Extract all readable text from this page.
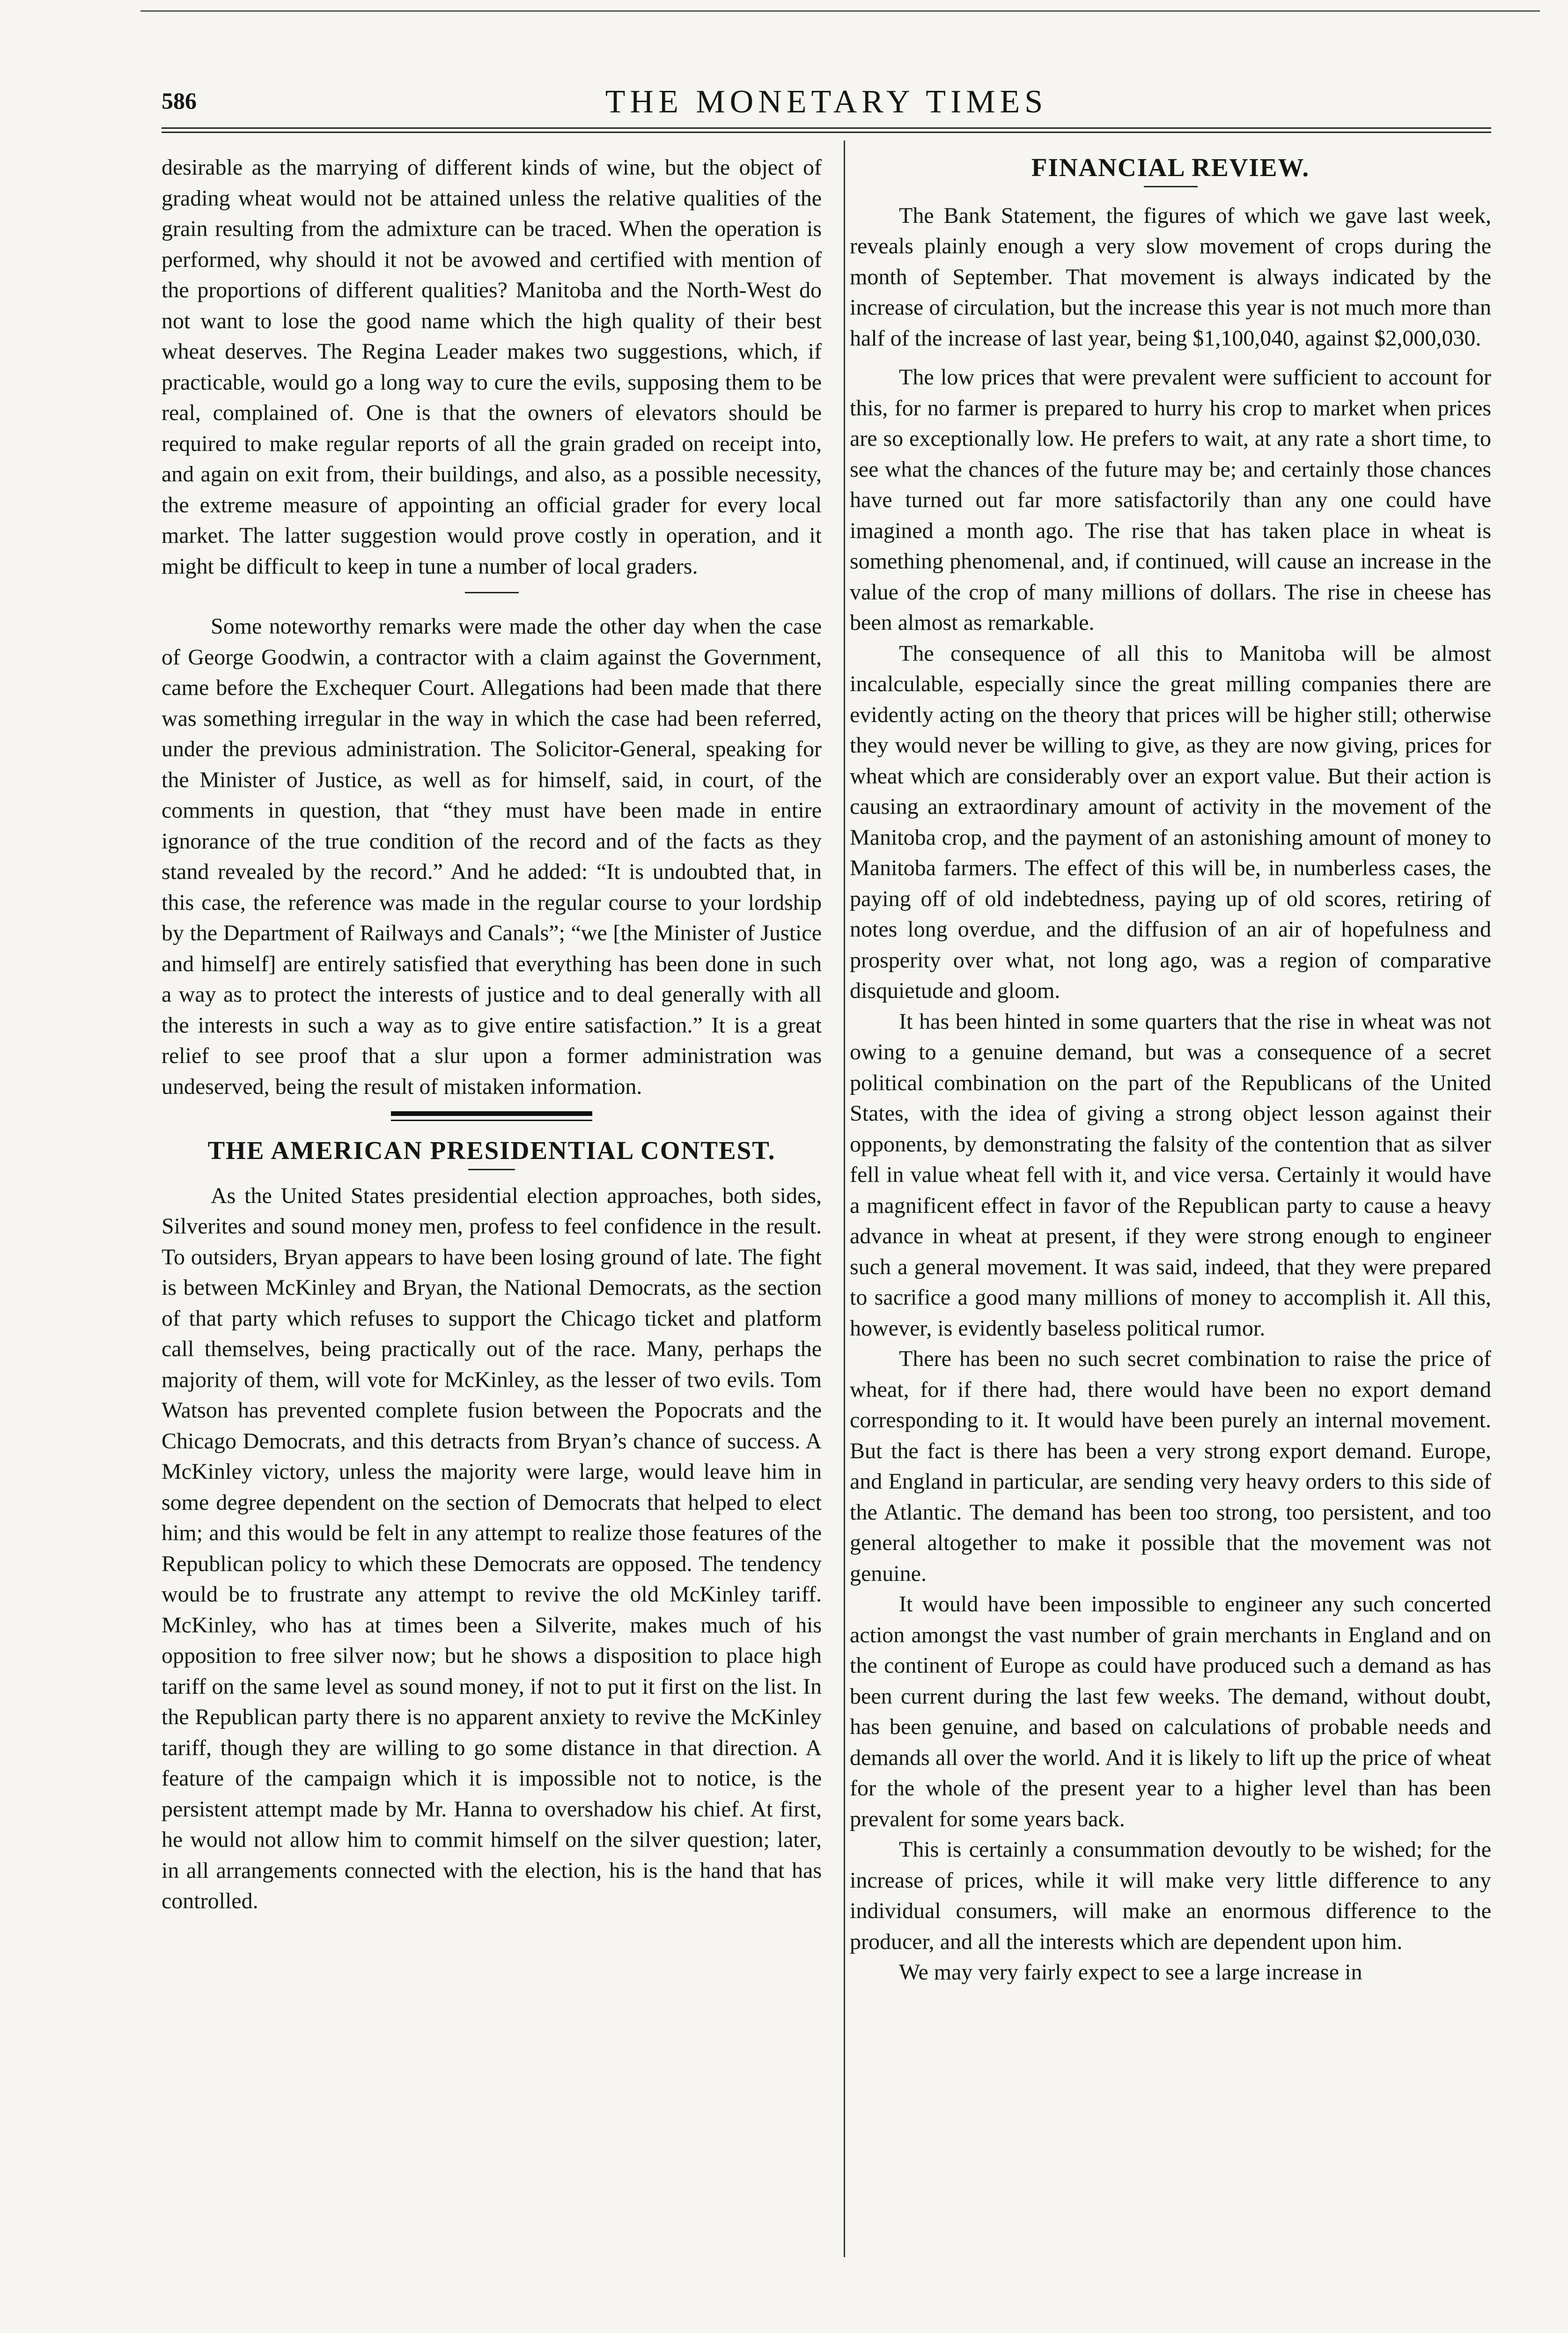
586	THE MONETARY TIMES

desirable as the marrying of different kinds of wine, but the object of grading wheat would not be attained unless the relative qualities of the grain resulting from the admixture can be traced. When the operation is performed, why should it not be avowed and certified with mention of the proportions of different qualities? Manitoba and the North-West do not want to lose the good name which the high quality of their best wheat deserves. The Regina Leader makes two suggestions, which, if practicable, would go a long way to cure the evils, supposing them to be real, complained of. One is that the owners of elevators should be required to make regular reports of all the grain graded on receipt into, and again on exit from, their buildings, and also, as a possible necessity, the extreme measure of appointing an official grader for every local market. The latter suggestion would prove costly in operation, and it might be difficult to keep in tune a number of local graders.

Some noteworthy remarks were made the other day when the case of George Goodwin, a contractor with a claim against the Government, came before the Exchequer Court. Allegations had been made that there was something irregular in the way in which the case had been referred, under the previous administration. The Solicitor-General, speaking for the Minister of Justice, as well as for himself, said, in court, of the comments in question, that “they must have been made in entire ignorance of the true condition of the record and of the facts as they stand revealed by the record.” And he added: “It is undoubted that, in this case, the reference was made in the regular course to your lordship by the Department of Railways and Canals”; “we [the Minister of Justice and himself] are entirely satisfied that everything has been done in such a way as to protect the interests of justice and to deal generally with all the interests in such a way as to give entire satisfaction.” It is a great relief to see proof that a slur upon a former administration was undeserved, being the result of mistaken information.

THE AMERICAN PRESIDENTIAL CONTEST.

As the United States presidential election approaches, both sides, Silverites and sound money men, profess to feel confidence in the result. To outsiders, Bryan appears to have been losing ground of late. The fight is between McKinley and Bryan, the National Democrats, as the section of that party which refuses to support the Chicago ticket and platform call themselves, being practically out of the race. Many, perhaps the majority of them, will vote for McKinley, as the lesser of two evils. Tom Watson has prevented complete fusion between the Popocrats and the Chicago Democrats, and this detracts from Bryan’s chance of success. A McKinley victory, unless the majority were large, would leave him in some degree dependent on the section of Democrats that helped to elect him; and this would be felt in any attempt to realize those features of the Republican policy to which these Democrats are opposed. The tendency would be to frustrate any attempt to revive the old McKinley tariff. McKinley, who has at times been a Silverite, makes much of his opposition to free silver now; but he shows a disposition to place high tariff on the same level as sound money, if not to put it first on the list. In the Republican party there is no apparent anxiety to revive the McKinley tariff, though they are willing to go some distance in that direction. A feature of the campaign which it is impossible not to notice, is the persistent attempt made by Mr. Hanna to overshadow his chief. At first, he would not allow him to commit himself on the silver question; later, in all arrangements connected with the election, his is the hand that has controlled.

FINANCIAL REVIEW.

The Bank Statement, the figures of which we gave last week, reveals plainly enough a very slow movement of crops during the month of September. That movement is always indicated by the increase of circulation, but the increase this year is not much more than half of the increase of last year, being $1,100,040, against $2,000,030.

The low prices that were prevalent were sufficient to account for this, for no farmer is prepared to hurry his crop to market when prices are so exceptionally low. He prefers to wait, at any rate a short time, to see what the chances of the future may be; and certainly those chances have turned out far more satisfactorily than any one could have imagined a month ago. The rise that has taken place in wheat is something phenomenal, and, if continued, will cause an increase in the value of the crop of many millions of dollars. The rise in cheese has been almost as remarkable.

The consequence of all this to Manitoba will be almost incalculable, especially since the great milling companies there are evidently acting on the theory that prices will be higher still; otherwise they would never be willing to give, as they are now giving, prices for wheat which are considerably over an export value. But their action is causing an extraordinary amount of activity in the movement of the Manitoba crop, and the payment of an astonishing amount of money to Manitoba farmers. The effect of this will be, in numberless cases, the paying off of old indebtedness, paying up of old scores, retiring of notes long overdue, and the diffusion of an air of hopefulness and prosperity over what, not long ago, was a region of comparative disquietude and gloom.

It has been hinted in some quarters that the rise in wheat was not owing to a genuine demand, but was a consequence of a secret political combination on the part of the Republicans of the United States, with the idea of giving a strong object lesson against their opponents, by demonstrating the falsity of the contention that as silver fell in value wheat fell with it, and vice versa. Certainly it would have a magnificent effect in favor of the Republican party to cause a heavy advance in wheat at present, if they were strong enough to engineer such a general movement. It was said, indeed, that they were prepared to sacrifice a good many millions of money to accomplish it. All this, however, is evidently baseless political rumor.

There has been no such secret combination to raise the price of wheat, for if there had, there would have been no export demand corresponding to it. It would have been purely an internal movement. But the fact is there has been a very strong export demand. Europe, and England in particular, are sending very heavy orders to this side of the Atlantic. The demand has been too strong, too persistent, and too general altogether to make it possible that the movement was not genuine.

It would have been impossible to engineer any such concerted action amongst the vast number of grain merchants in England and on the continent of Europe as could have produced such a demand as has been current during the last few weeks. The demand, without doubt, has been genuine, and based on calculations of probable needs and demands all over the world. And it is likely to lift up the price of wheat for the whole of the present year to a higher level than has been prevalent for some years back.

This is certainly a consummation devoutly to be wished; for the increase of prices, while it will make very little difference to any individual consumers, will make an enormous difference to the producer, and all the interests which are dependent upon him.

We may very fairly expect to see a large increase in
